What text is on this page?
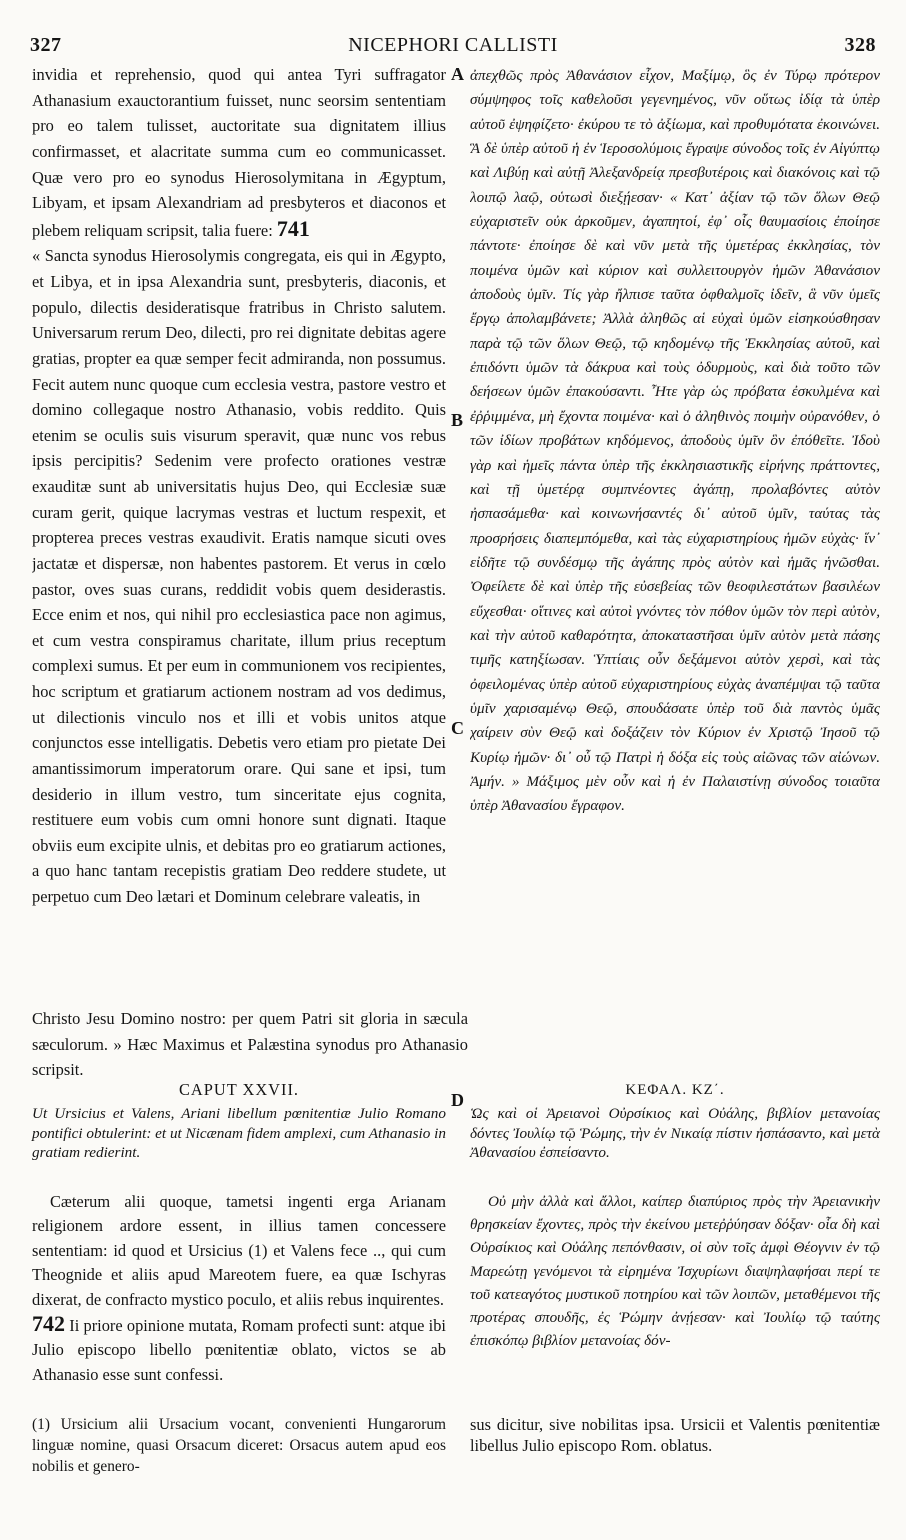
327	NICEPHORI CALLISTI	328

invidia et reprehensio, quod qui antea Tyri suffragator Athanasium exauctorantium fuisset, nunc seorsim sententiam pro eo talem tulisset, auctoritate sua dignitatem illius confirmasset, et alacritate summa cum eo communicasset. Quæ vero pro eo synodus Hierosolymitana in Ægyptum, Libyam, et ipsam Alexandriam ad presbyteros et diaconos et plebem reliquam scripsit, talia fuere: 741

« Sancta synodus Hierosolymis congregata, eis qui in Ægypto, et Libya, et in ipsa Alexandria sunt, presbyteris, diaconis, et populo, dilectis desideratisque fratribus in Christo salutem. Universarum rerum Deo, dilecti, pro rei dignitate debitas agere gratias, propter ea quæ semper fecit admiranda, non possumus. Fecit autem nunc quoque cum ecclesia vestra, pastore vestro et domino collegaque nostro Athanasio, vobis reddito. Quis etenim se oculis suis visurum speravit, quæ nunc vos rebus ipsis percipitis? Sedenim vere profecto orationes vestræ exauditæ sunt ab universitatis hujus Deo, qui Ecclesiæ suæ curam gerit, quique lacrymas vestras et luctum respexit, et propterea preces vestras exaudivit. Eratis namque sicuti oves jactatæ et dispersæ, non habentes pastorem. Et verus in cœlo pastor, oves suas curans, reddidit vobis quem desiderastis. Ecce enim et nos, qui nihil pro ecclesiastica pace non agimus, et cum vestra conspiramus charitate, illum prius receptum complexi sumus. Et per eum in communionem vos recipientes, hoc scriptum et gratiarum actionem nostram ad vos dedimus, ut dilectionis vinculo nos et illi et vobis unitos atque conjunctos esse intelligatis. Debetis vero etiam pro pietate Dei amantissimorum imperatorum orare. Qui sane et ipsi, tum desiderio in illum vestro, tum sinceritate ejus cognita, restituere eum vobis cum omni honore sunt dignati. Itaque obviis eum excipite ulnis, et debitas pro eo gratiarum actiones, a quo hanc tantam recepistis gratiam Deo reddere studete, ut perpetuo cum Deo lætari et Dominum celebrare valeatis, in

A
B
C
D

ἀπεχθῶς πρὸς Ἀθανάσιον εἶχον, Μαξίμῳ, ὃς ἐν Τύρῳ πρότερον σύμψηφος τοῖς καθελοῦσι γεγενημένος, νῦν οὕτως ἰδίᾳ τὰ ὑπὲρ αὐτοῦ ἐψηφίζετο· ἐκύρου τε τὸ ἀξίωμα, καὶ προθυμότατα ἐκοινώνει. Ἃ δὲ ὑπὲρ αὐτοῦ ἡ ἐν Ἱεροσολύμοις ἔγραψε σύνοδος τοῖς ἐν Αἰγύπτῳ καὶ Λιβύῃ καὶ αὐτῇ Ἀλεξανδρείᾳ πρεσβυτέροις καὶ διακόνοις καὶ τῷ λοιπῷ λαῷ, οὑτωσὶ διεξῄεσαν· « Κατ᾽ ἀξίαν τῷ τῶν ὅλων Θεῷ εὐχαριστεῖν οὐκ ἀρκοῦμεν, ἀγαπητοί, ἐφ᾽ οἷς θαυμασίοις ἐποίησε πάντοτε· ἐποίησε δὲ καὶ νῦν μετὰ τῆς ὑμετέρας ἐκκλησίας, τὸν ποιμένα ὑμῶν καὶ κύριον καὶ συλλειτουργὸν ἡμῶν Ἀθανάσιον ἀποδοὺς ὑμῖν. Τίς γὰρ ἤλπισε ταῦτα ὀφθαλμοῖς ἰδεῖν, ἃ νῦν ὑμεῖς ἔργῳ ἀπολαμβάνετε; Ἀλλὰ ἀληθῶς αἱ εὐχαὶ ὑμῶν εἰσηκούσθησαν παρὰ τῷ τῶν ὅλων Θεῷ, τῷ κηδομένῳ τῆς Ἐκκλησίας αὐτοῦ, καὶ ἐπιδόντι ὑμῶν τὰ δάκρυα καὶ τοὺς ὀδυρμοὺς, καὶ διὰ τοῦτο τῶν δεήσεων ὑμῶν ἐπακούσαντι. Ἦτε γὰρ ὡς πρόβατα ἐσκυλμένα καὶ ἐῤῥιμμένα, μὴ ἔχοντα ποιμένα· καὶ ὁ ἀληθινὸς ποιμὴν οὐρανόθεν, ὁ τῶν ἰδίων προβάτων κηδόμενος, ἀποδοὺς ὑμῖν ὃν ἐπόθεῖτε. Ἰδοὺ γὰρ καὶ ἡμεῖς πάντα ὑπὲρ τῆς ἐκκλησιαστικῆς εἰρήνης πράττοντες, καὶ τῇ ὑμετέρᾳ συμπνέοντες ἀγάπῃ, προλαβόντες αὐτὸν ἠσπασάμεθα· καὶ κοινωνήσαντές δι᾽ αὐτοῦ ὑμῖν, ταύτας τὰς προσρήσεις διαπεμπόμεθα, καὶ τὰς εὐχαριστηρίους ἡμῶν εὐχὰς· ἵν᾽ εἰδῆτε τῷ συνδέσμῳ τῆς ἀγάπης πρὸς αὐτὸν καὶ ἡμᾶς ἡνῶσθαι. Ὀφείλετε δὲ καὶ ὑπὲρ τῆς εὐσεβείας τῶν θεοφιλεστάτων βασιλέων εὔχεσθαι· οἵτινες καὶ αὐτοὶ γνόντες τὸν πόθον ὑμῶν τὸν περὶ αὐτὸν, καὶ τὴν αὐτοῦ καθαρότητα, ἀποκαταστῆσαι ὑμῖν αὐτὸν μετὰ πάσης τιμῆς κατηξίωσαν. Ὑπτίαις οὖν δεξάμενοι αὐτὸν χερσὶ, καὶ τὰς ὀφειλομένας ὑπὲρ αὐτοῦ εὐχαριστηρίους εὐχὰς ἀναπέμψαι τῷ ταῦτα ὑμῖν χαρισαμένῳ Θεῷ, σπουδάσατε ὑπὲρ τοῦ διὰ παντὸς ὑμᾶς χαίρειν σὺν Θεῷ καὶ δοξάζειν τὸν Κύριον ἐν Χριστῷ Ἰησοῦ τῷ Κυρίῳ ἡμῶν· δι᾽ οὗ τῷ Πατρὶ ἡ δόξα εἰς τοὺς αἰῶνας τῶν αἰώνων. Ἀμήν. » Μάξιμος μὲν οὖν καὶ ἡ ἐν Παλαιστίνῃ σύνοδος τοιαῦτα ὑπὲρ Ἀθανασίου ἔγραφον.

Christo Jesu Domino nostro: per quem Patri sit gloria in sæcula sæculorum. » Hæc Maximus et Palæstina synodus pro Athanasio scripsit.
CAPUT XXVII.	ΚΕΦΑΛ. ΚΖ΄.
Ut Ursicius et Valens, Ariani libellum pœnitentiæ Julio Romano pontifici obtulerint: et ut Nicænam fidem amplexi, cum Athanasio in gratiam redierint.
Ὡς καὶ οἱ Ἀρειανοὶ Οὐρσίκιος καὶ Οὐάλης, βιβλίον μετανοίας δόντες Ἰουλίῳ τῷ Ῥώμης, τὴν ἐν Νικαίᾳ πίστιν ἠσπάσαντο, καὶ μετὰ Ἀθανασίου ἐσπείσαντο.
Cæterum alii quoque, tametsi ingenti erga Arianam religionem ardore essent, in illius tamen concessere sententiam: id quod et Ursicius (1) et Valens fece .., qui cum Theognide et aliis apud Mareotem fuere, ea quæ Ischyras dixerat, de confracto mystico poculo, et aliis rebus inquirentes.
742 Ii priore opinione mutata, Romam profecti sunt: atque ibi Julio episcopo libello pœnitentiæ oblato, victos se ab Athanasio esse sunt confessi.
Οὐ μὴν ἀλλὰ καὶ ἄλλοι, καίπερ διαπύριος πρὸς τὴν Ἀρειανικὴν θρησκείαν ἔχοντες, πρὸς τὴν ἐκείνου μετεῤῥύησαν δόξαν· οἷα δὴ καὶ Οὐρσίκιος καὶ Οὐάλης πεπόνθασιν, οἱ σὺν τοῖς ἀμφὶ Θέογνιν ἐν τῷ Μαρεώτῃ γενόμενοι τὰ εἰρημένα Ἰσχυρίωνι διαψηλαφήσαι περί τε τοῦ κατεαγότος μυστικοῦ ποτηρίου καὶ τῶν λοιπῶν, μεταθέμενοι τῆς προτέρας σπουδῆς, ἐς Ῥώμην ἀνῄεσαν· καὶ Ἰουλίῳ τῷ ταύτης ἐπισκόπῳ βιβλίον μετανοίας δόν-
(1) Ursicium alii Ursacium vocant, convenienti Hungarorum linguæ nomine, quasi Orsacum diceret: Orsacus autem apud eos nobilis et genero-
sus dicitur, sive nobilitas ipsa. Ursicii et Valentis pœnitentiæ libellus Julio episcopo Rom. oblatus.
